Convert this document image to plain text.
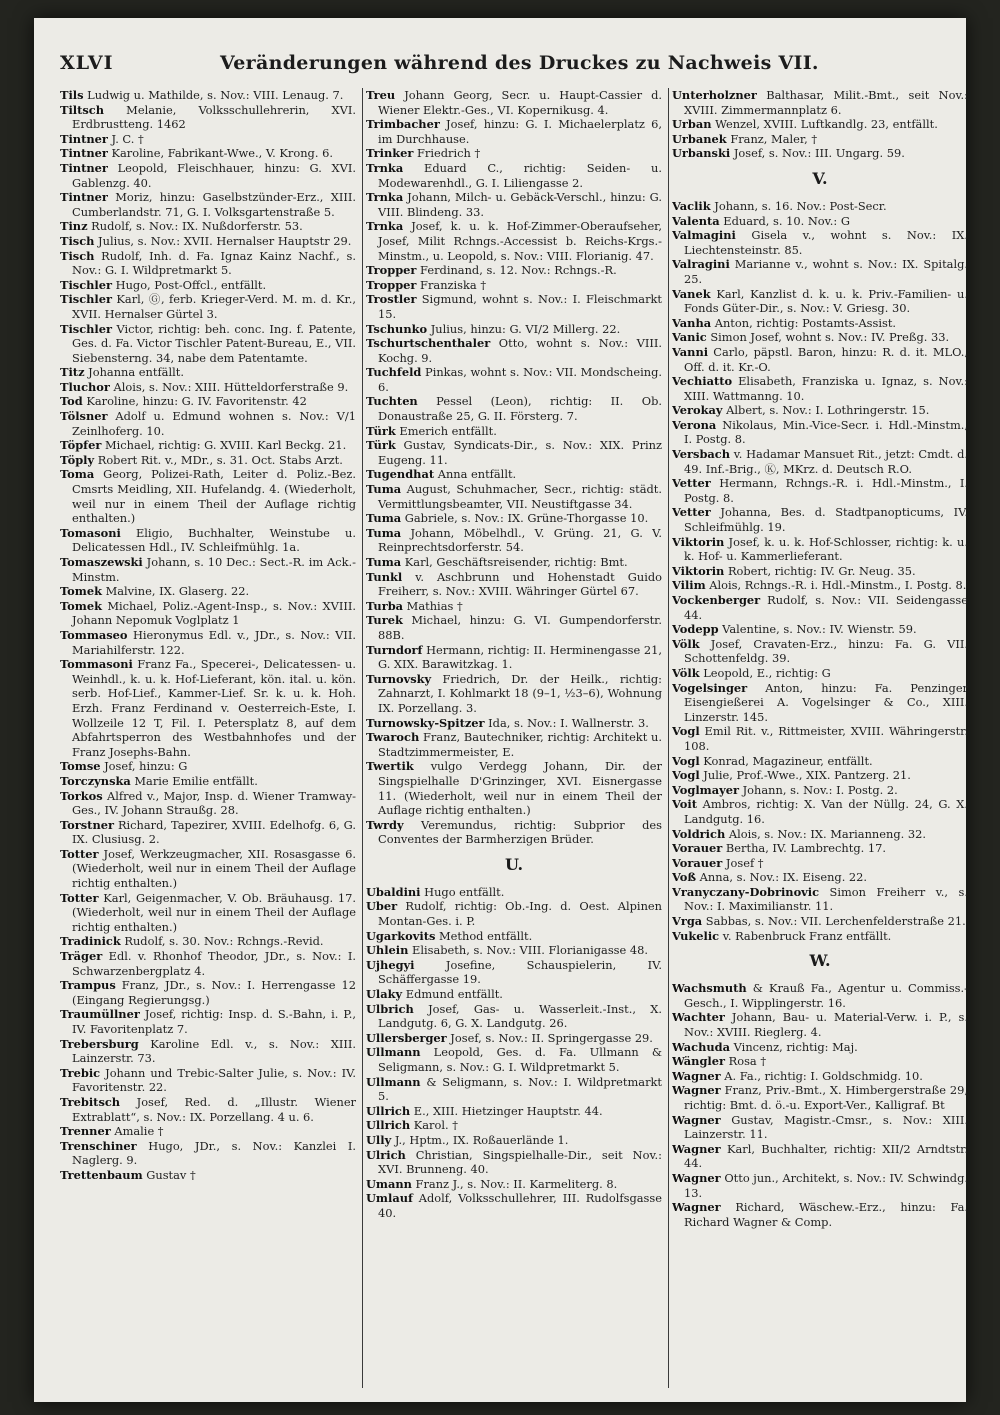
XLVI	Veränderungen während des Druckes zu Nachweis VII.

Tils Ludwig u. Mathilde, s. Nov.: VIII. Lenaug. 7.

Tiltsch Melanie, Volksschullehrerin, XVI. Erdbrustteng. 1462

Tintner J. C. †

Tintner Karoline, Fabrikant-Wwe., V. Krong. 6.

Tintner Leopold, Fleischhauer, hinzu: G. XVI. Gablenzg. 40.

Tintner Moriz, hinzu: Gaselbstzünder-Erz., XIII. Cumberlandstr. 71, G. I. Volksgartenstraße 5.

Tinz Rudolf, s. Nov.: IX. Nußdorferstr. 53.

Tisch Julius, s. Nov.: XVII. Hernalser Hauptstr 29.

Tisch Rudolf, Inh. d. Fa. Ignaz Kainz Nachf., s. Nov.: G. I. Wildpretmarkt 5.

Tischler Hugo, Post-Offcl., entfällt.

Tischler Karl, Ⓖ, ferb. Krieger-Verd. M. m. d. Kr., XVII. Hernalser Gürtel 3.

Tischler Victor, richtig: beh. conc. Ing. f. Patente, Ges. d. Fa. Victor Tischler Patent-Bureau, E., VII. Siebensterng. 34, nabe dem Patentamte.

Titz Johanna entfällt.

Tluchor Alois, s. Nov.: XIII. Hütteldorferstraße 9.

Tod Karoline, hinzu: G. IV. Favoritenstr. 42

Tölsner Adolf u. Edmund wohnen s. Nov.: V/1 Zeinlhoferg. 10.

Töpfer Michael, richtig: G. XVIII. Karl Beckg. 21.

Töply Robert Rit. v., MDr., s. 31. Oct. Stabs Arzt.

Toma Georg, Polizei-Rath, Leiter d. Poliz.-Bez. Cmsrts Meidling, XII. Hufelandg. 4. (Wiederholt, weil nur in einem Theil der Auflage richtig enthalten.)

Tomasoni Eligio, Buchhalter, Weinstube u. Delicatessen Hdl., IV. Schleifmühlg. 1a.

Tomaszewski Johann, s. 10 Dec.: Sect.-R. im Ack.-Minstm.

Tomek Malvine, IX. Glaserg. 22.

Tomek Michael, Poliz.-Agent-Insp., s. Nov.: XVIII. Johann Nepomuk Voglplatz 1

Tommaseo Hieronymus Edl. v., JDr., s. Nov.: VII. Mariahilferstr. 122.

Tommasoni Franz Fa., Specerei-, Delicatessen- u. Weinhdl., k. u. k. Hof-Lieferant, kön. ital. u. kön. serb. Hof-Lief., Kammer-Lief. Sr. k. u. k. Hoh. Erzh. Franz Ferdinand v. Oesterreich-Este, I. Wollzeile 12 T, Fil. I. Petersplatz 8, auf dem Abfahrtsperron des Westbahnhofes und der Franz Josephs-Bahn.

Tomse Josef, hinzu: G

Torczynska Marie Emilie entfällt.

Torkos Alfred v., Major, Insp. d. Wiener Tramway-Ges., IV. Johann Straußg. 28.

Torstner Richard, Tapezirer, XVIII. Edelhofg. 6, G. IX. Clusiusg. 2.

Totter Josef, Werkzeugmacher, XII. Rosasgasse 6. (Wiederholt, weil nur in einem Theil der Auflage richtig enthalten.)

Totter Karl, Geigenmacher, V. Ob. Bräuhausg. 17. (Wiederholt, weil nur in einem Theil der Auflage richtig enthalten.)

Tradinick Rudolf, s. 30. Nov.: Rchngs.-Revid.

Träger Edl. v. Rhonhof Theodor, JDr., s. Nov.: I. Schwarzenbergplatz 4.

Trampus Franz, JDr., s. Nov.: I. Herrengasse 12 (Eingang Regierungsg.)

Traumüllner Josef, richtig: Insp. d. S.-Bahn, i. P., IV. Favoritenplatz 7.

Trebersburg Karoline Edl. v., s. Nov.: XIII. Lainzerstr. 73.

Trebic Johann und Trebic-Salter Julie, s. Nov.: IV. Favoritenstr. 22.

Trebitsch Josef, Red. d. „Illustr. Wiener Extrablatt“, s. Nov.: IX. Porzellang. 4 u. 6.

Trenner Amalie †

Trenschiner Hugo, JDr., s. Nov.: Kanzlei I. Naglerg. 9.

Trettenbaum Gustav †

Treu Johann Georg, Secr. u. Haupt-Cassier d. Wiener Elektr.-Ges., VI. Kopernikusg. 4.

Trimbacher Josef, hinzu: G. I. Michaelerplatz 6, im Durchhause.

Trinker Friedrich †

Trnka Eduard C., richtig: Seiden- u. Modewarenhdl., G. I. Liliengasse 2.

Trnka Johann, Milch- u. Gebäck-Verschl., hinzu: G. VIII. Blindeng. 33.

Trnka Josef, k. u. k. Hof-Zimmer-Oberaufseher, Josef, Milit Rchngs.-Accessist b. Reichs-Krgs.-Minstm., u. Leopold, s. Nov.: VIII. Florianig. 47.

Tropper Ferdinand, s. 12. Nov.: Rchngs.-R.

Tropper Franziska †

Trostler Sigmund, wohnt s. Nov.: I. Fleischmarkt 15.

Tschunko Julius, hinzu: G. VI/2 Millerg. 22.

Tschurtschenthaler Otto, wohnt s. Nov.: VIII. Kochg. 9.

Tuchfeld Pinkas, wohnt s. Nov.: VII. Mondscheing. 6.

Tuchten Pessel (Leon), richtig: II. Ob. Donaustraße 25, G. II. Försterg. 7.

Türk Emerich entfällt.

Türk Gustav, Syndicats-Dir., s. Nov.: XIX. Prinz Eugeng. 11.

Tugendhat Anna entfällt.

Tuma August, Schuhmacher, Secr., richtig: städt. Vermittlungsbeamter, VII. Neustiftgasse 34.

Tuma Gabriele, s. Nov.: IX. Grüne-Thorgasse 10.

Tuma Johann, Möbelhdl., V. Grüng. 21, G. V. Reinprechtsdorferstr. 54.

Tuma Karl, Geschäftsreisender, richtig: Bmt.

Tunkl v. Aschbrunn und Hohenstadt Guido Freiherr, s. Nov.: XVIII. Währinger Gürtel 67.

Turba Mathias †

Turek Michael, hinzu: G. VI. Gumpendorferstr. 88B.

Turndorf Hermann, richtig: II. Herminengasse 21, G. XIX. Barawitzkag. 1.

Turnovsky Friedrich, Dr. der Heilk., richtig: Zahnarzt, I. Kohlmarkt 18 (9–1, ½3–6), Wohnung IX. Porzellang. 3.

Turnowsky-Spitzer Ida, s. Nov.: I. Wallnerstr. 3.

Twaroch Franz, Bautechniker, richtig: Architekt u. Stadtzimmermeister, E.

Twertik vulgo Verdegg Johann, Dir. der Singspielhalle D'Grinzinger, XVI. Eisnergasse 11. (Wiederholt, weil nur in einem Theil der Auflage richtig enthalten.)

Twrdy Veremundus, richtig: Subprior des Conventes der Barmherzigen Brüder.

U.

Ubaldini Hugo entfällt.

Uber Rudolf, richtig: Ob.-Ing. d. Oest. Alpinen Montan-Ges. i. P.

Ugarkovits Method entfällt.

Uhlein Elisabeth, s. Nov.: VIII. Florianigasse 48.

Ujhegyi Josefine, Schauspielerin, IV. Schäffergasse 19.

Ulaky Edmund entfällt.

Ulbrich Josef, Gas- u. Wasserleit.-Inst., X. Landgutg. 6, G. X. Landgutg. 26.

Ullersberger Josef, s. Nov.: II. Springergasse 29.

Ullmann Leopold, Ges. d. Fa. Ullmann & Seligmann, s. Nov.: G. I. Wildpretmarkt 5.

Ullmann & Seligmann, s. Nov.: I. Wildpretmarkt 5.

Ullrich E., XIII. Hietzinger Hauptstr. 44.

Ullrich Karol. †

Ully J., Hptm., IX. Roßauerlände 1.

Ulrich Christian, Singspielhalle-Dir., seit Nov.: XVI. Brunneng. 40.

Umann Franz J., s. Nov.: II. Karmeliterg. 8.

Umlauf Adolf, Volksschullehrer, III. Rudolfsgasse 40.

Unterholzner Balthasar, Milit.-Bmt., seit Nov.: XVIII. Zimmermannplatz 6.

Urban Wenzel, XVIII. Luftkandlg. 23, entfällt.

Urbanek Franz, Maler, †

Urbanski Josef, s. Nov.: III. Ungarg. 59.

V.

Vaclik Johann, s. 16. Nov.: Post-Secr.

Valenta Eduard, s. 10. Nov.: G

Valmagini Gisela v., wohnt s. Nov.: IX. Liechtensteinstr. 85.

Valragini Marianne v., wohnt s. Nov.: IX. Spitalg. 25.

Vanek Karl, Kanzlist d. k. u. k. Priv.-Familien- u. Fonds Güter-Dir., s. Nov.: V. Griesg. 30.

Vanha Anton, richtig: Postamts-Assist.

Vanic Simon Josef, wohnt s. Nov.: IV. Preßg. 33.

Vanni Carlo, päpstl. Baron, hinzu: R. d. it. MLO., Off. d. it. Kr.-O.

Vechiatto Elisabeth, Franziska u. Ignaz, s. Nov.: XIII. Wattmanng. 10.

Verokay Albert, s. Nov.: I. Lothringerstr. 15.

Verona Nikolaus, Min.-Vice-Secr. i. Hdl.-Minstm., I. Postg. 8.

Versbach v. Hadamar Mansuet Rit., jetzt: Cmdt. d. 49. Inf.-Brig., Ⓚ, MKrz. d. Deutsch R.O.

Vetter Hermann, Rchngs.-R. i. Hdl.-Minstm., I. Postg. 8.

Vetter Johanna, Bes. d. Stadtpanopticums, IV. Schleifmühlg. 19.

Viktorin Josef, k. u. k. Hof-Schlosser, richtig: k. u. k. Hof- u. Kammerlieferant.

Viktorin Robert, richtig: IV. Gr. Neug. 35.

Vilim Alois, Rchngs.-R. i. Hdl.-Minstm., I. Postg. 8.

Vockenberger Rudolf, s. Nov.: VII. Seidengasse 44.

Vodepp Valentine, s. Nov.: IV. Wienstr. 59.

Völk Josef, Cravaten-Erz., hinzu: Fa. G. VII. Schottenfeldg. 39.

Völk Leopold, E., richtig: G

Vogelsinger Anton, hinzu: Fa. Penzinger Eisengießerei A. Vogelsinger & Co., XIII. Linzerstr. 145.

Vogl Emil Rit. v., Rittmeister, XVIII. Währingerstr. 108.

Vogl Konrad, Magazineur, entfällt.

Vogl Julie, Prof.-Wwe., XIX. Pantzerg. 21.

Voglmayer Johann, s. Nov.: I. Postg. 2.

Voit Ambros, richtig: X. Van der Nüllg. 24, G. X. Landgutg. 16.

Voldrich Alois, s. Nov.: IX. Marianneng. 32.

Vorauer Bertha, IV. Lambrechtg. 17.

Vorauer Josef †

Voß Anna, s. Nov.: IX. Eiseng. 22.

Vranyczany-Dobrinovic Simon Freiherr v., s. Nov.: I. Maximilianstr. 11.

Vrga Sabbas, s. Nov.: VII. Lerchenfelderstraße 21.

Vukelic v. Rabenbruck Franz entfällt.

W.

Wachsmuth & Krauß Fa., Agentur u. Commiss.-Gesch., I. Wipplingerstr. 16.

Wachter Johann, Bau- u. Material-Verw. i. P., s. Nov.: XVIII. Rieglerg. 4.

Wachuda Vincenz, richtig: Maj.

Wängler Rosa †

Wagner A. Fa., richtig: I. Goldschmidg. 10.

Wagner Franz, Priv.-Bmt., X. Himbergerstraße 29, richtig: Bmt. d. ö.-u. Export-Ver., Kalligraf. Bt

Wagner Gustav, Magistr.-Cmsr., s. Nov.: XIII. Lainzerstr. 11.

Wagner Karl, Buchhalter, richtig: XII/2 Arndtstr. 44.

Wagner Otto jun., Architekt, s. Nov.: IV. Schwindg. 13.

Wagner Richard, Wäschew.-Erz., hinzu: Fa. Richard Wagner & Comp.
